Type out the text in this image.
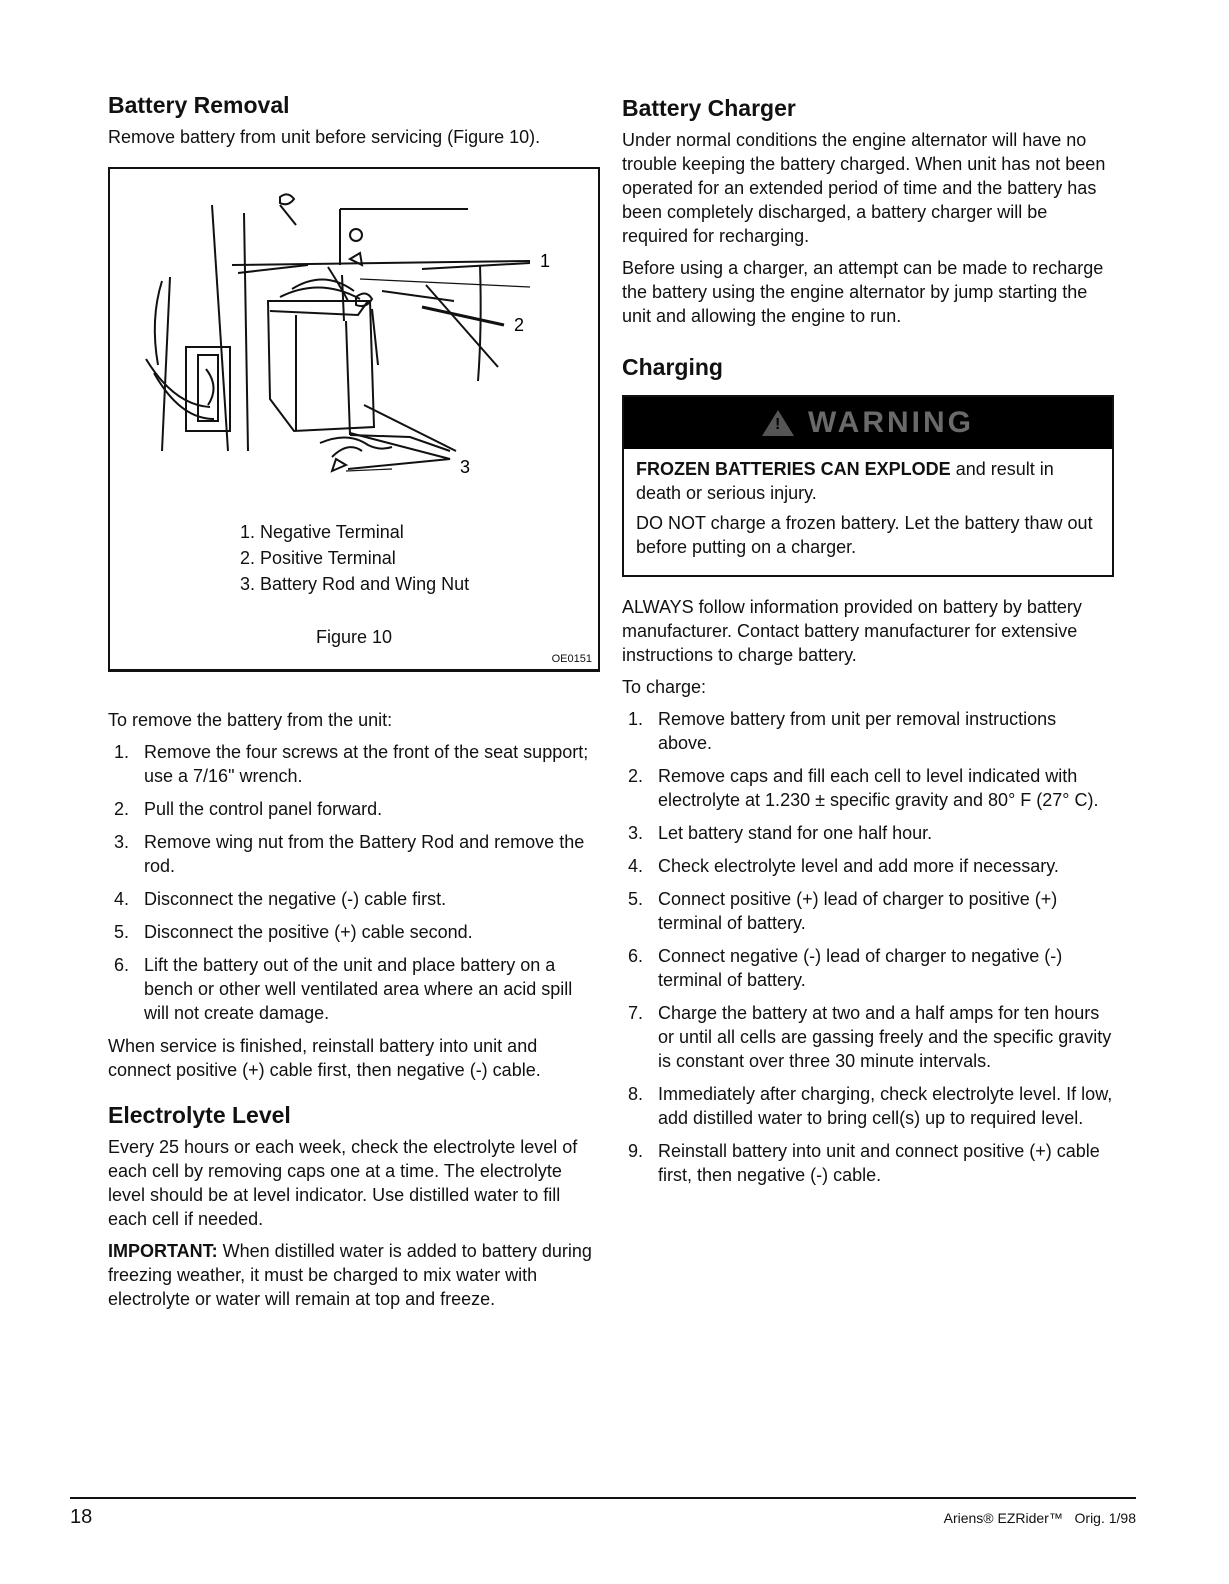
Battery Removal

Remove battery from unit before servicing (Figure 10).

1
2
3
1. Negative Terminal
2. Positive Terminal
3. Battery Rod and Wing Nut
Figure 10
OE0151

To remove the battery from the unit:

1. Remove the four screws at the front of the seat support; use a 7/16" wrench.
2. Pull the control panel forward.
3. Remove wing nut from the Battery Rod and remove the rod.
4. Disconnect the negative (-) cable first.
5. Disconnect the positive (+) cable second.
6. Lift the battery out of the unit and place battery on a bench or other well ventilated area where an acid spill will not create damage.

When service is finished, reinstall battery into unit and connect positive (+) cable first, then negative (-) cable.

Electrolyte Level

Every 25 hours or each week, check the electrolyte level of each cell by removing caps one at a time. The electrolyte level should be at level indicator. Use distilled water to fill each cell if needed.

IMPORTANT: When distilled water is added to battery during freezing weather, it must be charged to mix water with electrolyte or water will remain at top and freeze.

Battery Charger

Under normal conditions the engine alternator will have no trouble keeping the battery charged. When unit has not been operated for an extended period of time and the battery has been completely discharged, a battery charger will be required for recharging.

Before using a charger, an attempt can be made to recharge the battery using the engine alternator by jump starting the unit and allowing the engine to run.

Charging
!
WARNING

FROZEN BATTERIES CAN EXPLODE and result in death or serious injury.

DO NOT charge a frozen battery. Let the battery thaw out before putting on a charger.

ALWAYS follow information provided on battery by battery manufacturer. Contact battery manufacturer for extensive instructions to charge battery.

To charge:

1. Remove battery from unit per removal instructions above.
2. Remove caps and fill each cell to level indicated with electrolyte at 1.230 ± specific gravity and 80° F (27° C).
3. Let battery stand for one half hour.
4. Check electrolyte level and add more if necessary.
5. Connect positive (+) lead of charger to positive (+) terminal of battery.
6. Connect negative (-) lead of charger to negative (-) terminal of battery.
7. Charge the battery at two and a half amps for ten hours or until all cells are gassing freely and the specific gravity is constant over three 30 minute intervals.
8. Immediately after charging, check electrolyte level. If low, add distilled water to bring cell(s) up to required level.
9. Reinstall battery into unit and connect positive (+) cable first, then negative (-) cable.
18	Ariens® EZRider™ Orig. 1/98
